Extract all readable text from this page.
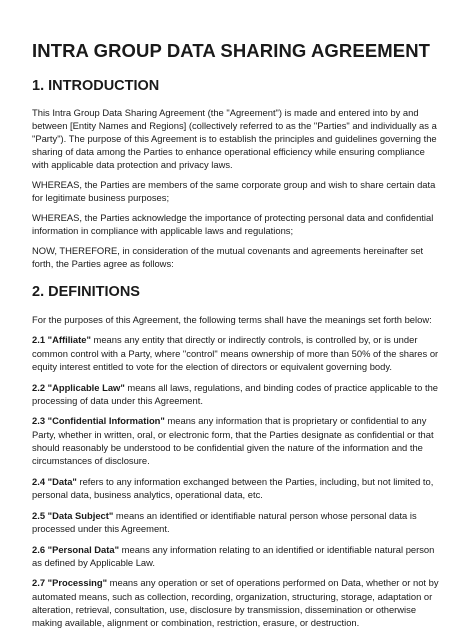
INTRA GROUP DATA SHARING AGREEMENT
1. INTRODUCTION

This Intra Group Data Sharing Agreement (the "Agreement") is made and entered into by and between [Entity Names and Regions] (collectively referred to as the "Parties" and individually as a "Party"). The purpose of this Agreement is to establish the principles and guidelines governing the sharing of data among the Parties to enhance operational efficiency while ensuring compliance with applicable data protection and privacy laws.

WHEREAS, the Parties are members of the same corporate group and wish to share certain data for legitimate business purposes;

WHEREAS, the Parties acknowledge the importance of protecting personal data and confidential information in compliance with applicable laws and regulations;

NOW, THEREFORE, in consideration of the mutual covenants and agreements hereinafter set forth, the Parties agree as follows:

2. DEFINITIONS

For the purposes of this Agreement, the following terms shall have the meanings set forth below:

2.1 "Affiliate" means any entity that directly or indirectly controls, is controlled by, or is under common control with a Party, where "control" means ownership of more than 50% of the shares or equity interest entitled to vote for the election of directors or equivalent governing body.

2.2 "Applicable Law" means all laws, regulations, and binding codes of practice applicable to the processing of data under this Agreement.

2.3 "Confidential Information" means any information that is proprietary or confidential to any Party, whether in written, oral, or electronic form, that the Parties designate as confidential or that should reasonably be understood to be confidential given the nature of the information and the circumstances of disclosure.

2.4 "Data" refers to any information exchanged between the Parties, including, but not limited to, personal data, business analytics, operational data, etc.

2.5 "Data Subject" means an identified or identifiable natural person whose personal data is processed under this Agreement.

2.6 "Personal Data" means any information relating to an identified or identifiable natural person as defined by Applicable Law.

2.7 "Processing" means any operation or set of operations performed on Data, whether or not by automated means, such as collection, recording, organization, structuring, storage, adaptation or alteration, retrieval, consultation, use, disclosure by transmission, dissemination or otherwise making available, alignment or combination, restriction, erasure, or destruction.
